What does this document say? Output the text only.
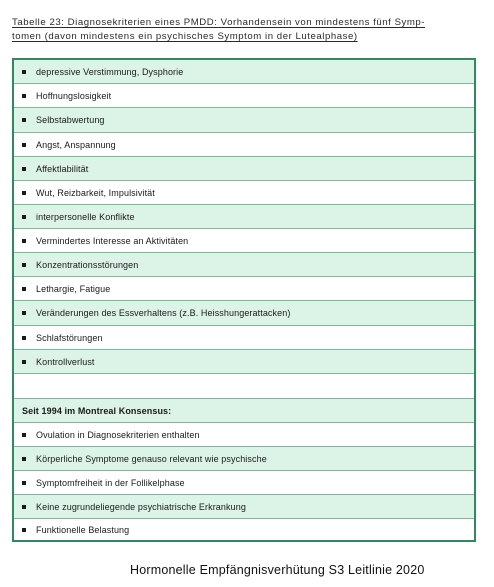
Tabelle 23: Diagnosekriterien eines PMDD: Vorhandensein von mindestens fünf Symp-
tomen (davon mindestens ein psychisches Symptom in der Lutealphase)
depressive Verstimmung, Dysphorie
Hoffnungslosigkeit
Selbstabwertung
Angst, Anspannung
Affektlabilität
Wut, Reizbarkeit, Impulsivität
interpersonelle Konflikte
Vermindertes Interesse an Aktivitäten
Konzentrationsstörungen
Lethargie, Fatigue
Veränderungen des Essverhaltens (z.B. Heisshungerattacken)
Schlafstörungen
Kontrollverlust
Seit 1994 im Montreal Konsensus:
Ovulation in Diagnosekriterien enthalten
Körperliche Symptome genauso relevant wie psychische
Symptomfreiheit in der Follikelphase
Keine zugrundeliegende psychiatrische Erkrankung
Funktionelle Belastung
Hormonelle Empfängnisverhütung S3 Leitlinie 2020
